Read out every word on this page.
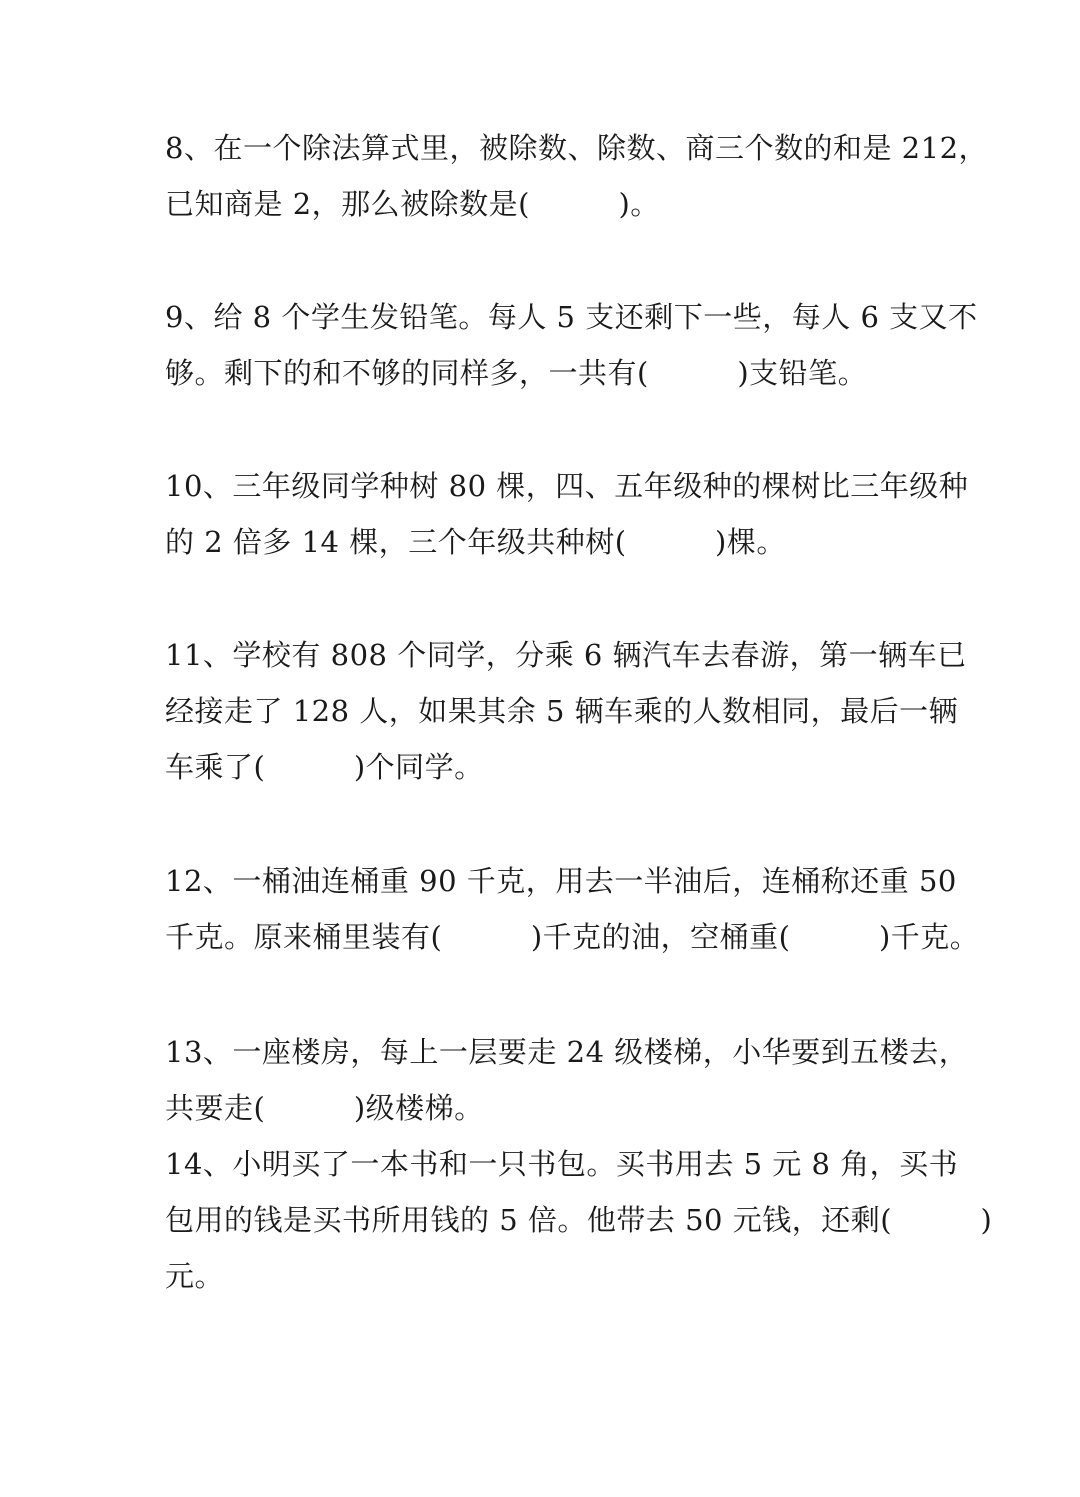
8、在一个除法算式里，被除数、除数、商三个数的和是 212，
已知商是 2，那么被除数是(　　　)。
9、给 8 个学生发铅笔。每人 5 支还剩下一些，每人 6 支又不
够。剩下的和不够的同样多，一共有(　　　)支铅笔。
10、三年级同学种树 80 棵，四、五年级种的棵树比三年级种
的 2 倍多 14 棵，三个年级共种树(　　　)棵。
11、学校有 808 个同学，分乘 6 辆汽车去春游，第一辆车已
经接走了 128 人，如果其余 5 辆车乘的人数相同，最后一辆
车乘了(　　　)个同学。
12、一桶油连桶重 90 千克，用去一半油后，连桶称还重 50
千克。原来桶里装有(　　　)千克的油，空桶重(　　　)千克。
13、一座楼房，每上一层要走 24 级楼梯，小华要到五楼去，
共要走(　　　)级楼梯。
14、小明买了一本书和一只书包。买书用去 5 元 8 角，买书
包用的钱是买书所用钱的 5 倍。他带去 50 元钱，还剩(　　　)
元。
